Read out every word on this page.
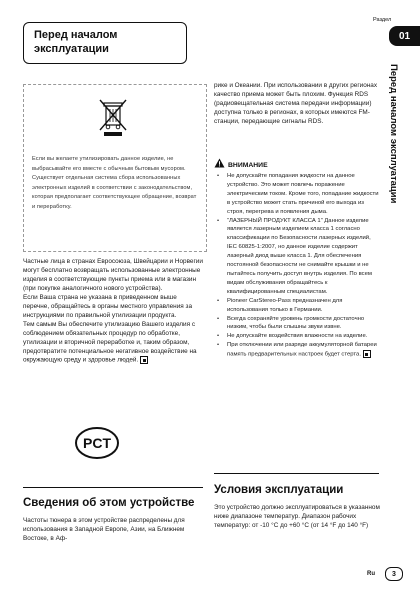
Перед началом
эксплуатации
Раздел
01
Перед началом эксплуатации
Если вы желаете утилизировать данное изделие, не выбрасывайте его вместе с обычным бытовым мусором. Существует отдельная система сбора использованных электронных изделий в соответствии с законодательством, которая предполагает соответствующее обращение, возврат и переработку.
Частные лица в странах Евросоюза, Швейцарии и Норвегии могут бесплатно возвращать использованные электронные изделия в соответствующие пункты приема или в магазин (при покупке аналогичного нового устройства).
Если Ваша страна не указана в приведенном выше перечне, обращайтесь в органы местного управления за инструкциями по правильной утилизации продукта.
Тем самым Вы обеспечите утилизацию Вашего изделия с соблюдением обязательных процедур по обработке, утилизации и вторичной переработке и, таким образом, предотвратите потенциальное негативное воздействие на окружающую среду и здоровье людей.
PCT
Сведения об этом устройстве
Частоты тюнера в этом устройстве распределены для использования в Западной Европе, Азии, на Ближнем Востоке, в Аф-
рике и Океании. При использовании в других регионах качество приема может быть плохим. Функция RDS (радиовещательная система передачи информации) доступна только в регионах, в которых имеются FM-станции, передающие сигналы RDS.
ВНИМАНИЕ
• Не допускайте попадания жидкости на данное устройство. Это может повлечь поражение электрическим током. Кроме того, попадание жидкости в устройство может стать причиной его выхода из строя, перегрева и появления дыма.
• “ЛАЗЕРНЫЙ ПРОДУКТ КЛАССА 1” Данное изделие является лазерным изделием класса 1 согласно классификации по Безопасности лазерных изделий, IEC 60825-1:2007, но данное изделие содержит лазерный диод выше класса 1. Для обеспечения постоянной безопасности не снимайте крышки и не пытайтесь получить доступ внутрь изделия. По всем видам обслуживания обращайтесь к квалифицированным специалистам.
• Pioneer CarStereo-Pass предназначен для использования только в Германии.
• Всегда сохраняйте уровень громкости достаточно низким, чтобы были слышны звуки извне.
• Не допускайте воздействия влажности на изделие.
• При отключении или разряде аккумуляторной батареи память предварительных настроек будет стерта.
Условия эксплуатации
Это устройство должно эксплуатироваться в указанном ниже диапазоне температур. Диапазон рабочих температур: от -10 °C до +60 °C (от 14 °F до 140 °F)
Ru	3
